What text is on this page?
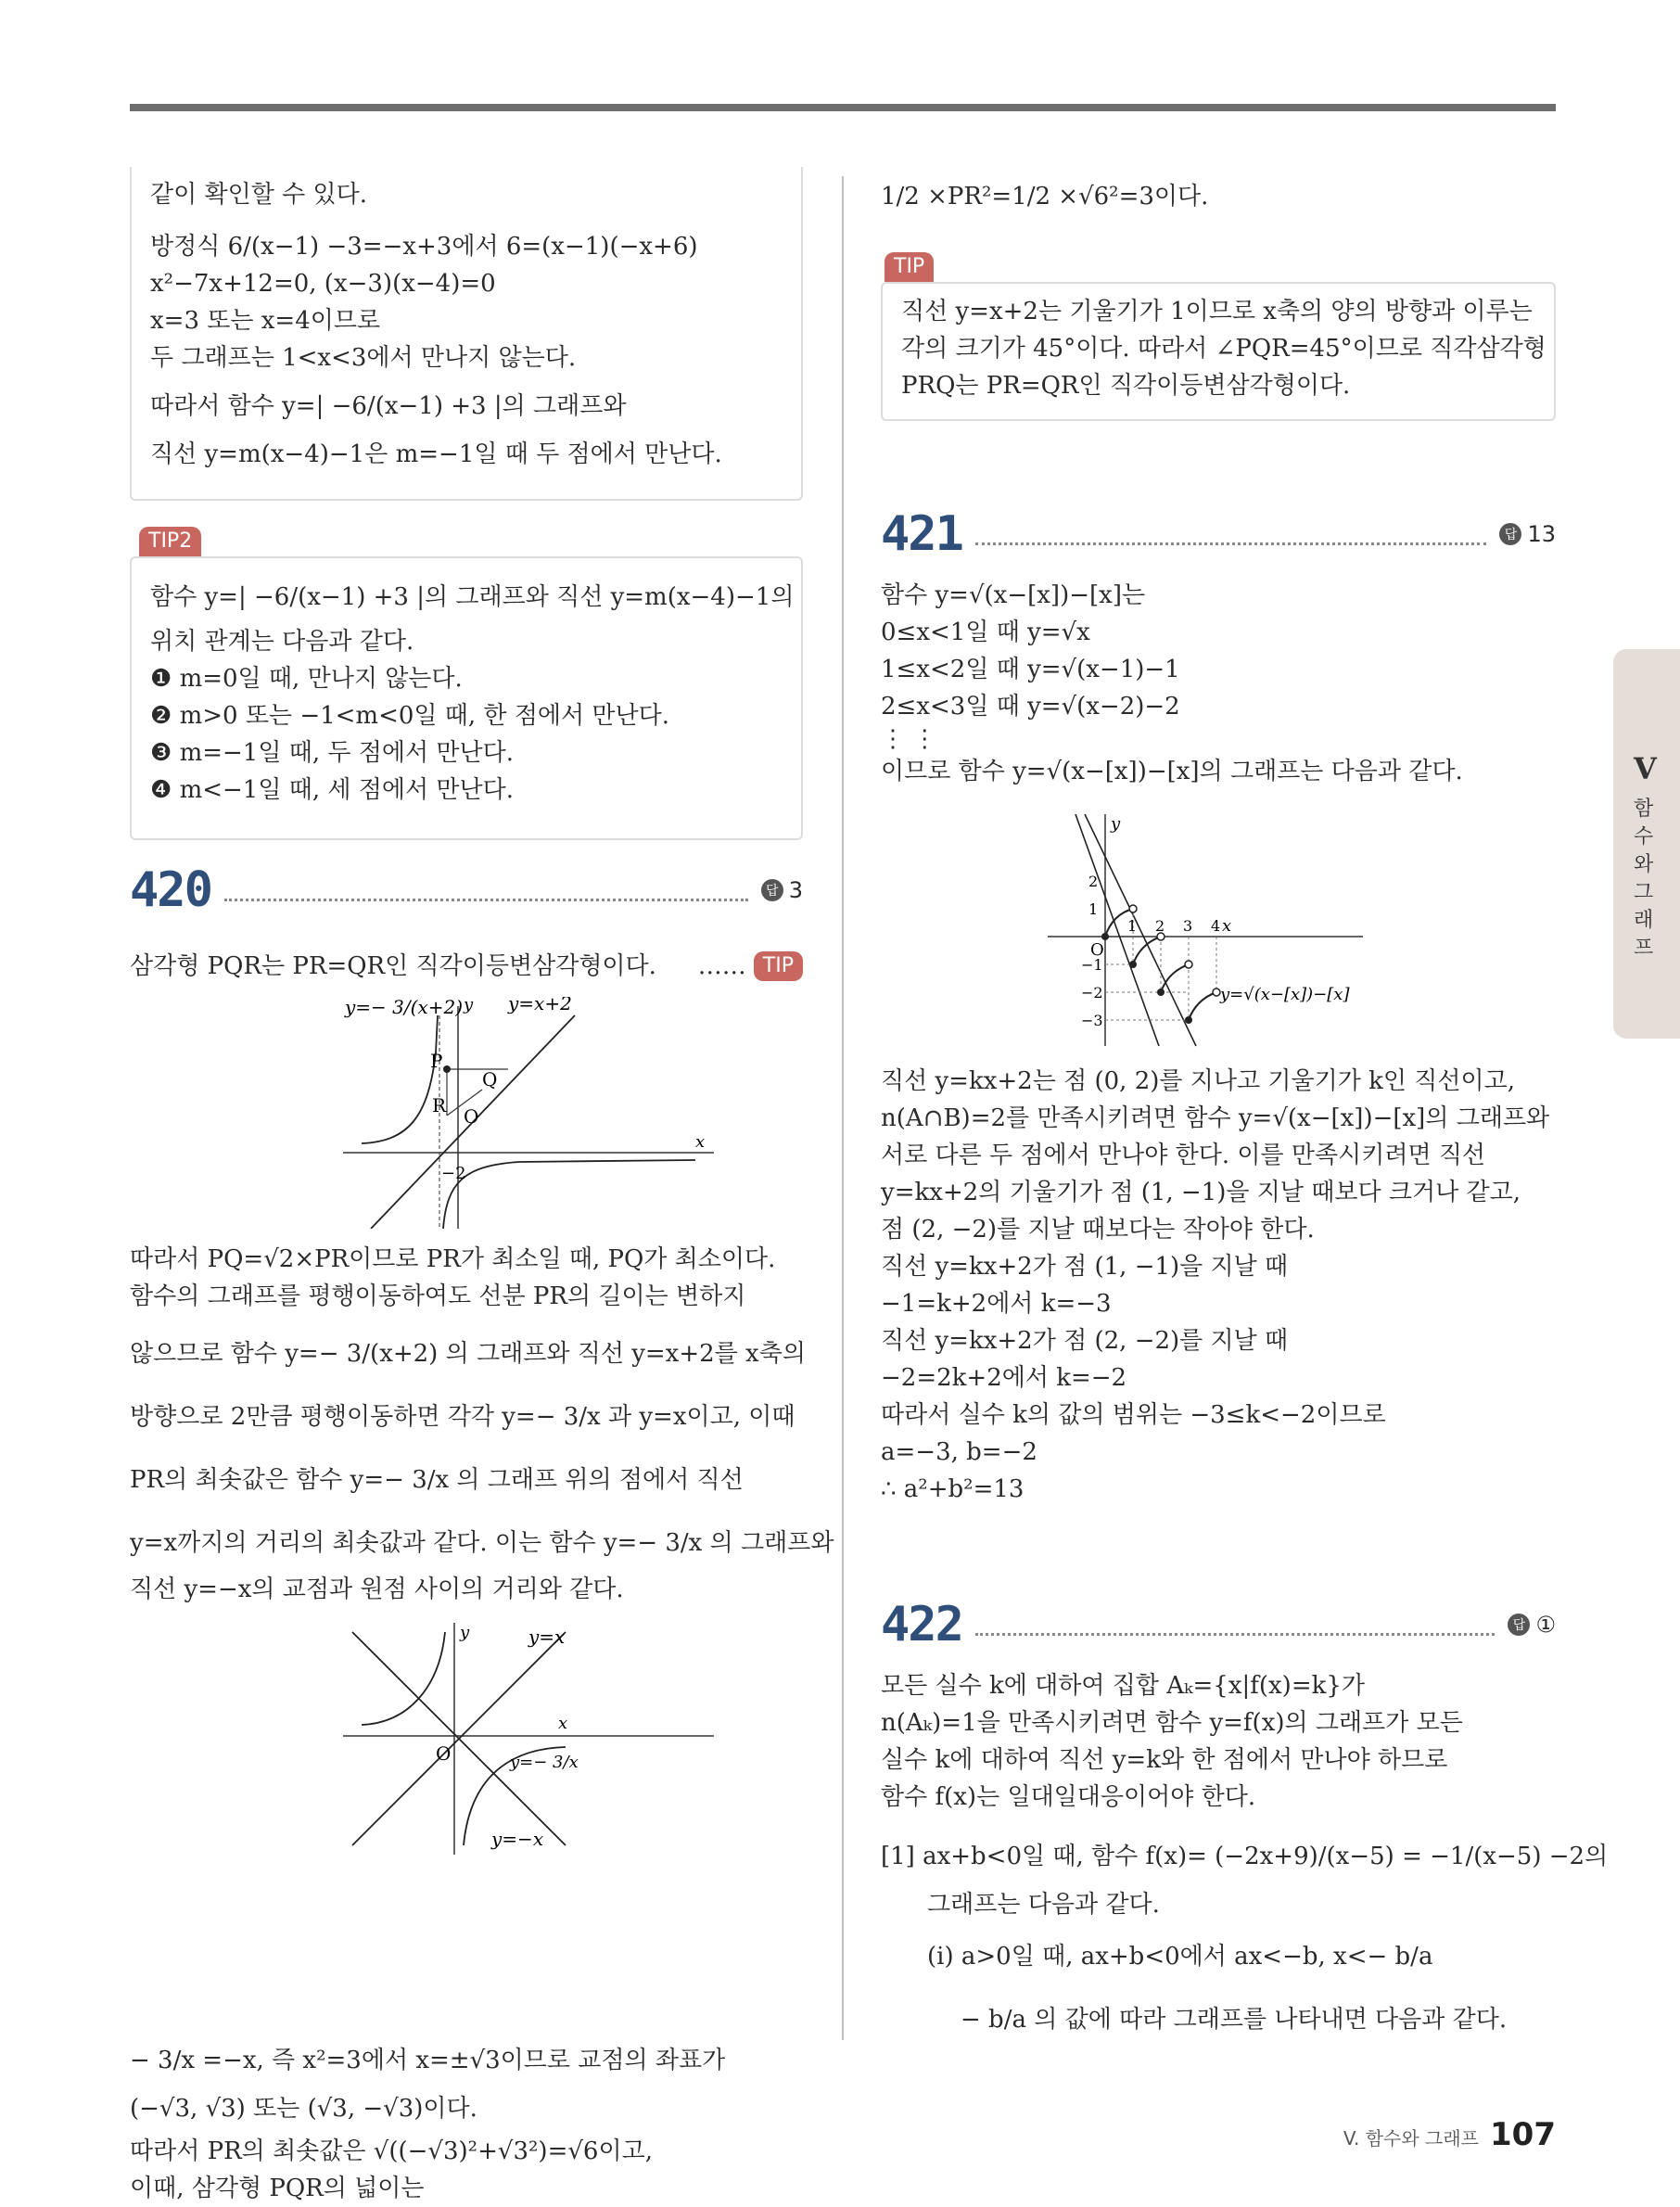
같이 확인할 수 있다.
방정식 6/(x−1) −3=−x+3에서 6=(x−1)(−x+6)
x²−7x+12=0, (x−3)(x−4)=0
x=3 또는 x=4이므로
두 그래프는 1<x<3에서 만나지 않는다.
따라서 함수 y=| −6/(x−1) +3 |의 그래프와
직선 y=m(x−4)−1은 m=−1일 때 두 점에서 만난다.
TIP2
함수 y=| −6/(x−1) +3 |의 그래프와 직선 y=m(x−4)−1의
위치 관계는 다음과 같다.
❶ m=0일 때, 만나지 않는다.
❷ m>0 또는 −1<m<0일 때, 한 점에서 만난다.
❸ m=−1일 때, 두 점에서 만난다.
❹ m<−1일 때, 세 점에서 만난다.
420	답 3
삼각형 PQR는 PR=QR인 직각이등변삼각형이다. …… TIP
y=− 3/(x+2) y=x+2
y
x
P
Q
R O
−2
따라서 PQ=√2×PR이므로 PR가 최소일 때, PQ가 최소이다.
함수의 그래프를 평행이동하여도 선분 PR의 길이는 변하지
않으므로 함수 y=− 3/(x+2) 의 그래프와 직선 y=x+2를 x축의
방향으로 2만큼 평행이동하면 각각 y=− 3/x 과 y=x이고, 이때
PR의 최솟값은 함수 y=− 3/x 의 그래프 위의 점에서 직선
y=x까지의 거리의 최솟값과 같다. 이는 함수 y=− 3/x 의 그래프와
직선 y=−x의 교점과 원점 사이의 거리와 같다.
y
x
O
y=x
y=− 3/x
y=−x
− 3/x =−x, 즉 x²=3에서 x=±√3이므로 교점의 좌표가
(−√3, √3) 또는 (√3, −√3)이다.
따라서 PR의 최솟값은 √((−√3)²+√3²)=√6이고,
이때, 삼각형 PQR의 넓이는
1/2 ×PR²=1/2 ×√6²=3이다.
TIP
직선 y=x+2는 기울기가 1이므로 x축의 양의 방향과 이루는
각의 크기가 45°이다. 따라서 ∠PQR=45°이므로 직각삼각형
PRQ는 PR=QR인 직각이등변삼각형이다.
421	답 13
함수 y=√(x−[x])−[x]는
0≤x<1일 때 y=√x
1≤x<2일 때 y=√(x−1)−1
2≤x<3일 때 y=√(x−2)−2
⋮ ⋮
이므로 함수 y=√(x−[x])−[x]의 그래프는 다음과 같다.
y
x
O
1 2 3 4
2
1
−1
−2
−3
y=√(x−[x])−[x]
직선 y=kx+2는 점 (0, 2)를 지나고 기울기가 k인 직선이고,
n(A∩B)=2를 만족시키려면 함수 y=√(x−[x])−[x]의 그래프와
서로 다른 두 점에서 만나야 한다. 이를 만족시키려면 직선
y=kx+2의 기울기가 점 (1, −1)을 지날 때보다 크거나 같고,
점 (2, −2)를 지날 때보다는 작아야 한다.
직선 y=kx+2가 점 (1, −1)을 지날 때
−1=k+2에서 k=−3
직선 y=kx+2가 점 (2, −2)를 지날 때
−2=2k+2에서 k=−2
따라서 실수 k의 값의 범위는 −3≤k<−2이므로
a=−3, b=−2
∴ a²+b²=13
422	답 ①
모든 실수 k에 대하여 집합 Aₖ={x|f(x)=k}가
n(Aₖ)=1을 만족시키려면 함수 y=f(x)의 그래프가 모든
실수 k에 대하여 직선 y=k와 한 점에서 만나야 하므로
함수 f(x)는 일대일대응이어야 한다.
[1] ax+b<0일 때, 함수 f(x)= (−2x+9)/(x−5) = −1/(x−5) −2의
그래프는 다음과 같다.
(i) a>0일 때, ax+b<0에서 ax<−b, x<− b/a
− b/a 의 값에 따라 그래프를 나타내면 다음과 같다.
V
함수와 그래프
V. 함수와 그래프 107
